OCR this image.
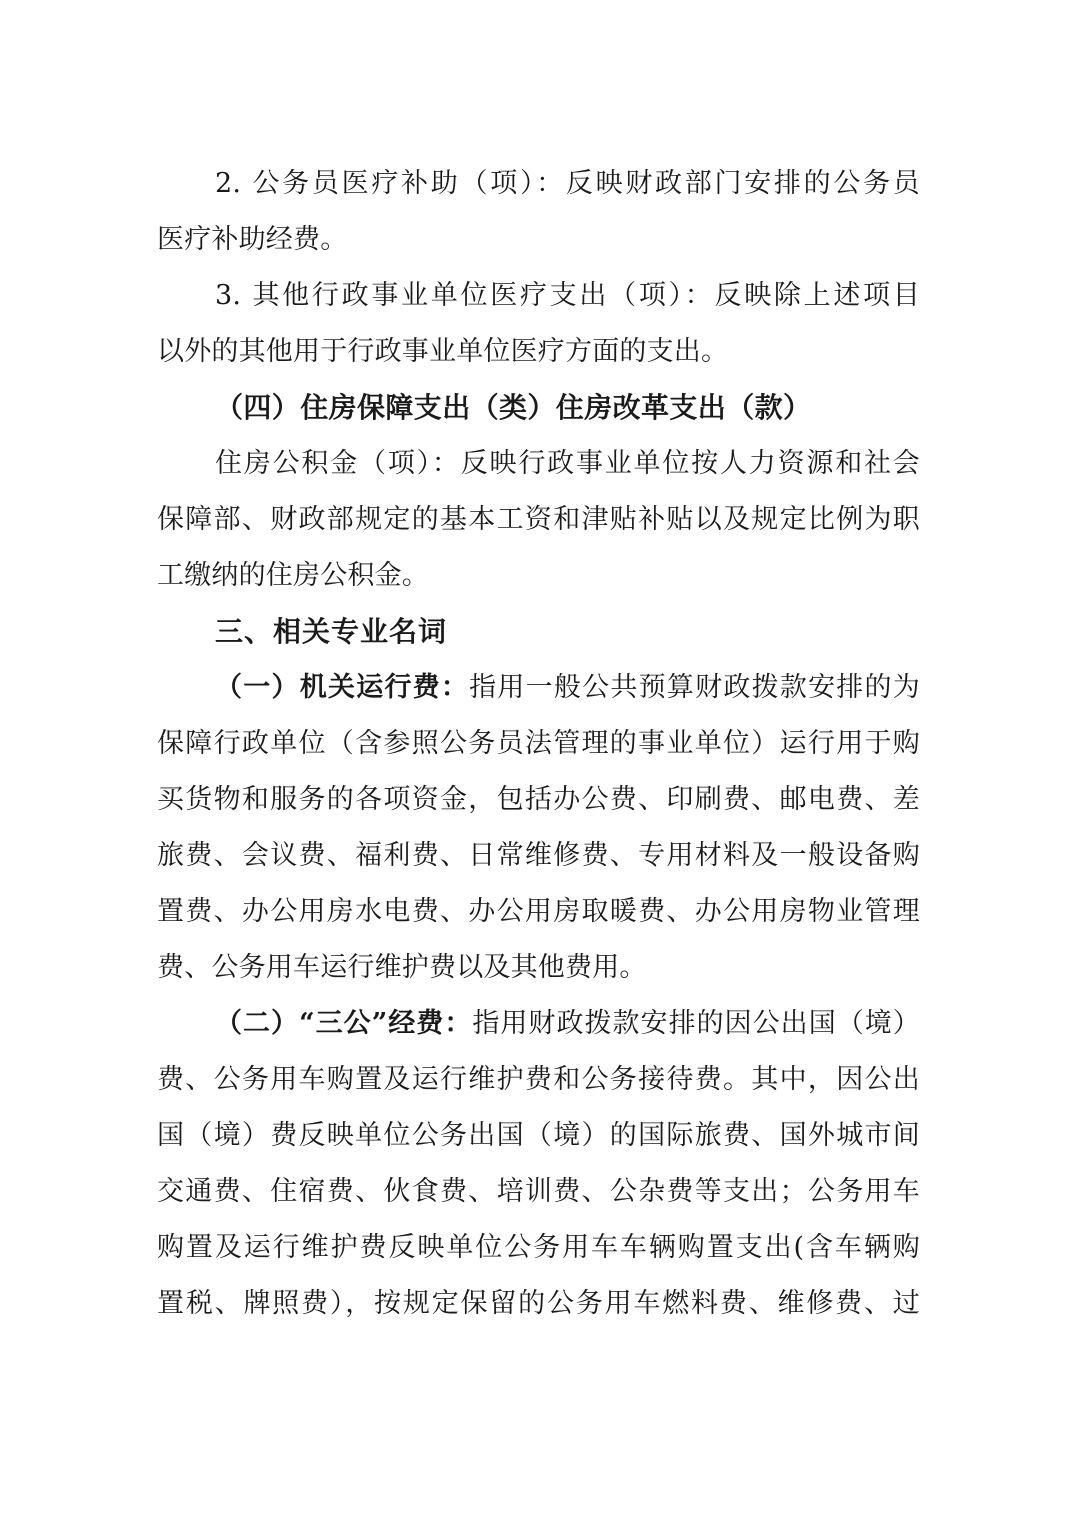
2. 公务员医疗补助（项）：反映财政部门安排的公务员
医疗补助经费。
3. 其他行政事业单位医疗支出（项）：反映除上述项目
以外的其他用于行政事业单位医疗方面的支出。
（四）住房保障支出（类）住房改革支出（款）
住房公积金（项）：反映行政事业单位按人力资源和社会
保障部、财政部规定的基本工资和津贴补贴以及规定比例为职
工缴纳的住房公积金。
三、相关专业名词
（一）机关运行费：指用一般公共预算财政拨款安排的为
保障行政单位（含参照公务员法管理的事业单位）运行用于购
买货物和服务的各项资金，包括办公费、印刷费、邮电费、差
旅费、会议费、福利费、日常维修费、专用材料及一般设备购
置费、办公用房水电费、办公用房取暖费、办公用房物业管理
费、公务用车运行维护费以及其他费用。
（二）“三公”经费：指用财政拨款安排的因公出国（境）
费、公务用车购置及运行维护费和公务接待费。其中，因公出
国（境）费反映单位公务出国（境）的国际旅费、国外城市间
交通费、住宿费、伙食费、培训费、公杂费等支出；公务用车
购置及运行维护费反映单位公务用车车辆购置支出(含车辆购
置税、牌照费），按规定保留的公务用车燃料费、维修费、过
